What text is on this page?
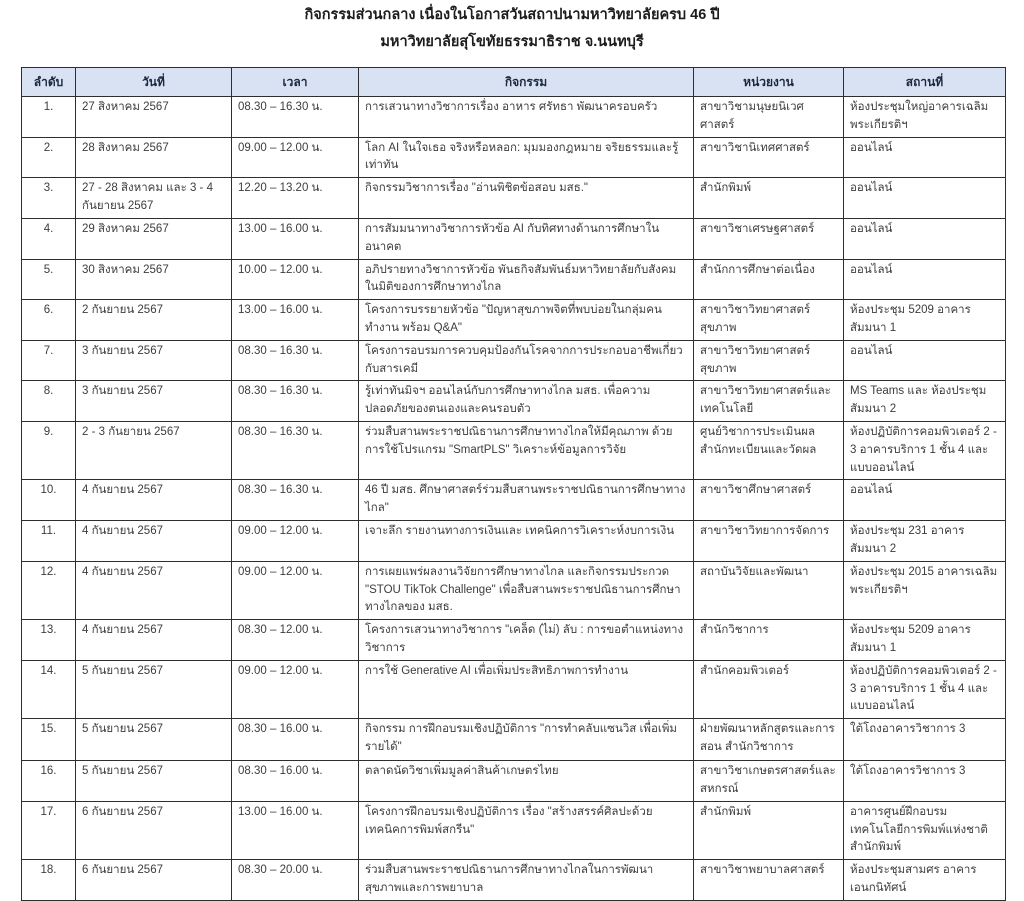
กิจกรรมส่วนกลาง เนื่องในโอกาสวันสถาปนามหาวิทยาลัยครบ 46 ปี
มหาวิทยาลัยสุโขทัยธรรมาธิราช จ.นนทบุรี
ลำดับ	วันที่	เวลา	กิจกรรม	หน่วยงาน	สถานที่
1.	27 สิงหาคม 2567	08.30 – 16.30 น.	การเสวนาทางวิชาการเรื่อง อาหาร ศรัทธา พัฒนาครอบครัว	สาขาวิชามนุษยนิเวศศาสตร์	ห้องประชุมใหญ่อาคารเฉลิมพระเกียรติฯ
2.	28 สิงหาคม 2567	09.00 – 12.00 น.	โลก AI ในใจเธอ จริงหรือหลอก: มุมมองกฎหมาย จริยธรรมและรู้เท่าทัน	สาขาวิชานิเทศศาสตร์	ออนไลน์
3.	27 - 28 สิงหาคม และ 3 - 4 กันยายน 2567	12.20 – 13.20 น.	กิจกรรมวิชาการเรื่อง "อ่านพิชิตข้อสอบ มสธ."	สำนักพิมพ์	ออนไลน์
4.	29 สิงหาคม 2567	13.00 – 16.00 น.	การสัมมนาทางวิชาการหัวข้อ AI กับทิศทางด้านการศึกษาในอนาคต	สาขาวิชาเศรษฐศาสตร์	ออนไลน์
5.	30 สิงหาคม 2567	10.00 – 12.00 น.	อภิปรายทางวิชาการหัวข้อ พันธกิจสัมพันธ์มหาวิทยาลัยกับสังคมในมิติของการศึกษาทางไกล	สำนักการศึกษาต่อเนื่อง	ออนไลน์
6.	2 กันยายน 2567	13.00 – 16.00 น.	โครงการบรรยายหัวข้อ "ปัญหาสุขภาพจิตที่พบบ่อยในกลุ่มคนทำงาน พร้อม Q&A"	สาขาวิชาวิทยาศาสตร์สุขภาพ	ห้องประชุม 5209 อาคารสัมมนา 1
7.	3 กันยายน 2567	08.30 – 16.30 น.	โครงการอบรมการควบคุมป้องกันโรคจากการประกอบอาชีพเกี่ยวกับสารเคมี	สาขาวิชาวิทยาศาสตร์สุขภาพ	ออนไลน์
8.	3 กันยายน 2567	08.30 – 16.30 น.	รู้เท่าทันมิจฯ ออนไลน์กับการศึกษาทางไกล มสธ. เพื่อความปลอดภัยของตนเองและคนรอบตัว	สาขาวิชาวิทยาศาสตร์และเทคโนโลยี	MS Teams และ ห้องประชุมสัมมนา 2
9.	2 - 3 กันยายน 2567	08.30 – 16.30 น.	ร่วมสืบสานพระราชปณิธานการศึกษาทางไกลให้มีคุณภาพ ด้วยการใช้โปรแกรม "SmartPLS" วิเคราะห์ข้อมูลการวิจัย	ศูนย์วิชาการประเมินผล สำนักทะเบียนและวัดผล	ห้องปฏิบัติการคอมพิวเตอร์ 2 - 3 อาคารบริการ 1 ชั้น 4 และแบบออนไลน์
10.	4 กันยายน 2567	08.30 – 16.30 น.	46 ปี มสธ. ศึกษาศาสตร์ร่วมสืบสานพระราชปณิธานการศึกษาทางไกล"	สาขาวิชาศึกษาศาสตร์	ออนไลน์
11.	4 กันยายน 2567	09.00 – 12.00 น.	เจาะลึก รายงานทางการเงินและ เทคนิคการวิเคราะห์งบการเงิน	สาขาวิชาวิทยาการจัดการ	ห้องประชุม 231 อาคารสัมมนา 2
12.	4 กันยายน 2567	09.00 – 12.00 น.	การเผยแพร่ผลงานวิจัยการศึกษาทางไกล และกิจกรรมประกวด "STOU TikTok Challenge" เพื่อสืบสานพระราชปณิธานการศึกษาทางไกลของ มสธ.	สถาบันวิจัยและพัฒนา	ห้องประชุม 2015 อาคารเฉลิมพระเกียรติฯ
13.	4 กันยายน 2567	08.30 – 12.00 น.	โครงการเสวนาทางวิชาการ "เคล็ด (ไม่) ลับ : การขอตำแหน่งทางวิชาการ	สำนักวิชาการ	ห้องประชุม 5209 อาคารสัมมนา 1
14.	5 กันยายน 2567	09.00 – 12.00 น.	การใช้ Generative AI เพื่อเพิ่มประสิทธิภาพการทำงาน	สำนักคอมพิวเตอร์	ห้องปฏิบัติการคอมพิวเตอร์ 2 - 3 อาคารบริการ 1 ชั้น 4 และแบบออนไลน์
15.	5 กันยายน 2567	08.30 – 16.00 น.	กิจกรรม การฝึกอบรมเชิงปฏิบัติการ "การทำคลับแซนวิส เพื่อเพิ่มรายได้"	ฝ่ายพัฒนาหลักสูตรและการสอน สำนักวิชาการ	ใต้โถงอาคารวิชาการ 3
16.	5 กันยายน 2567	08.30 – 16.00 น.	ตลาดนัดวิชาเพิ่มมูลค่าสินค้าเกษตรไทย	สาขาวิชาเกษตรศาสตร์และสหกรณ์	ใต้โถงอาคารวิชาการ 3
17.	6 กันยายน 2567	13.00 – 16.00 น.	โครงการฝึกอบรมเชิงปฏิบัติการ เรื่อง "สร้างสรรค์ศิลปะด้วยเทคนิคการพิมพ์สกรีน"	สำนักพิมพ์	อาคารศูนย์ฝึกอบรมเทคโนโลยีการพิมพ์แห่งชาติ สำนักพิมพ์
18.	6 กันยายน 2567	08.30 – 20.00 น.	ร่วมสืบสานพระราชปณิธานการศึกษาทางไกลในการพัฒนาสุขภาพและการพยาบาล	สาขาวิชาพยาบาลศาสตร์	ห้องประชุมสามศร อาคารเอนกนิทัศน์
